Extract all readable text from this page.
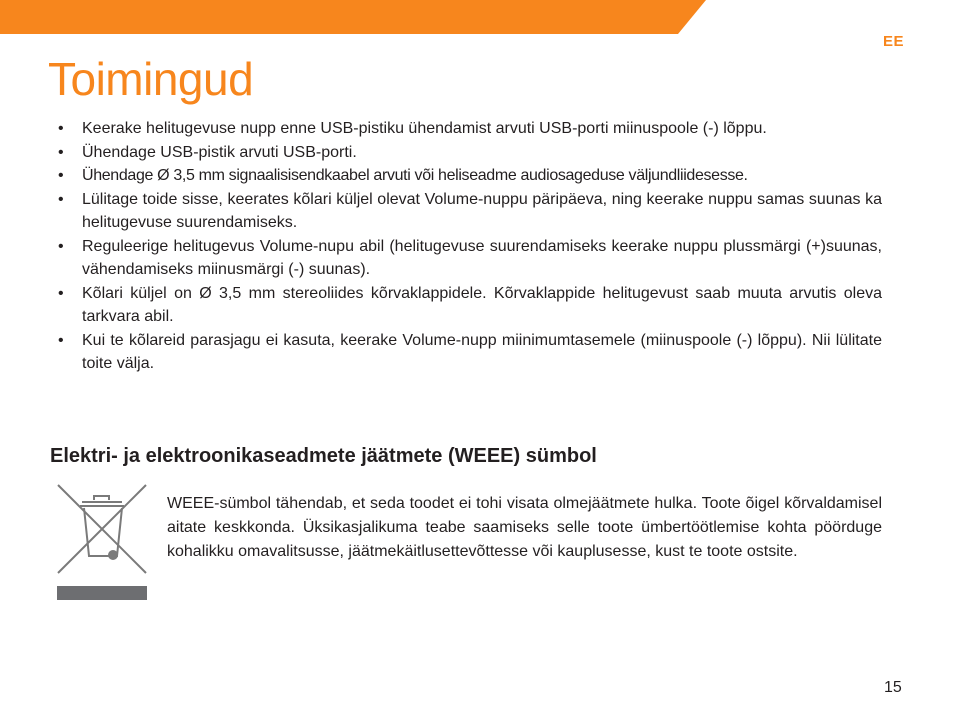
EE
Toimingud
• Keerake helitugevuse nupp enne USB-pistiku ühendamist arvuti USB-porti miinuspoole (-) lõppu.
• Ühendage USB-pistik arvuti USB-porti.
• Ühendage Ø 3,5 mm signaalisisendkaabel arvuti või heliseadme audiosageduse väljundliidesesse.
• Lülitage toide sisse, keerates kõlari küljel olevat Volume-nuppu päripäeva, ning keerake nuppu samas suunas ka helitugevuse suurendamiseks.
• Reguleerige helitugevus Volume-nupu abil (helitugevuse suurendamiseks keerake nuppu plussmärgi (+)suunas, vähendamiseks miinusmärgi (-) suunas).
• Kõlari küljel on Ø 3,5 mm stereoliides kõrvaklappidele. Kõrvaklappide helitugevust saab muuta arvutis oleva tarkvara abil.
• Kui te kõlareid parasjagu ei kasuta, keerake Volume-nupp miinimumtasemele (miinuspoole (-) lõppu). Nii lülitate toite välja.
Elektri- ja elektroonikaseadmete jäätmete (WEEE) sümbol

WEEE-sümbol tähendab, et seda toodet ei tohi visata olmejäätmete hulka. Toote õigel kõrvaldamisel aitate keskkonda. Üksikasjalikuma teabe saamiseks selle toote ümbertöötlemise kohta pöörduge kohalikku omavalitsusse, jäätmekäitlusettevõttesse või kauplusesse, kust te toote ostsite.

15
